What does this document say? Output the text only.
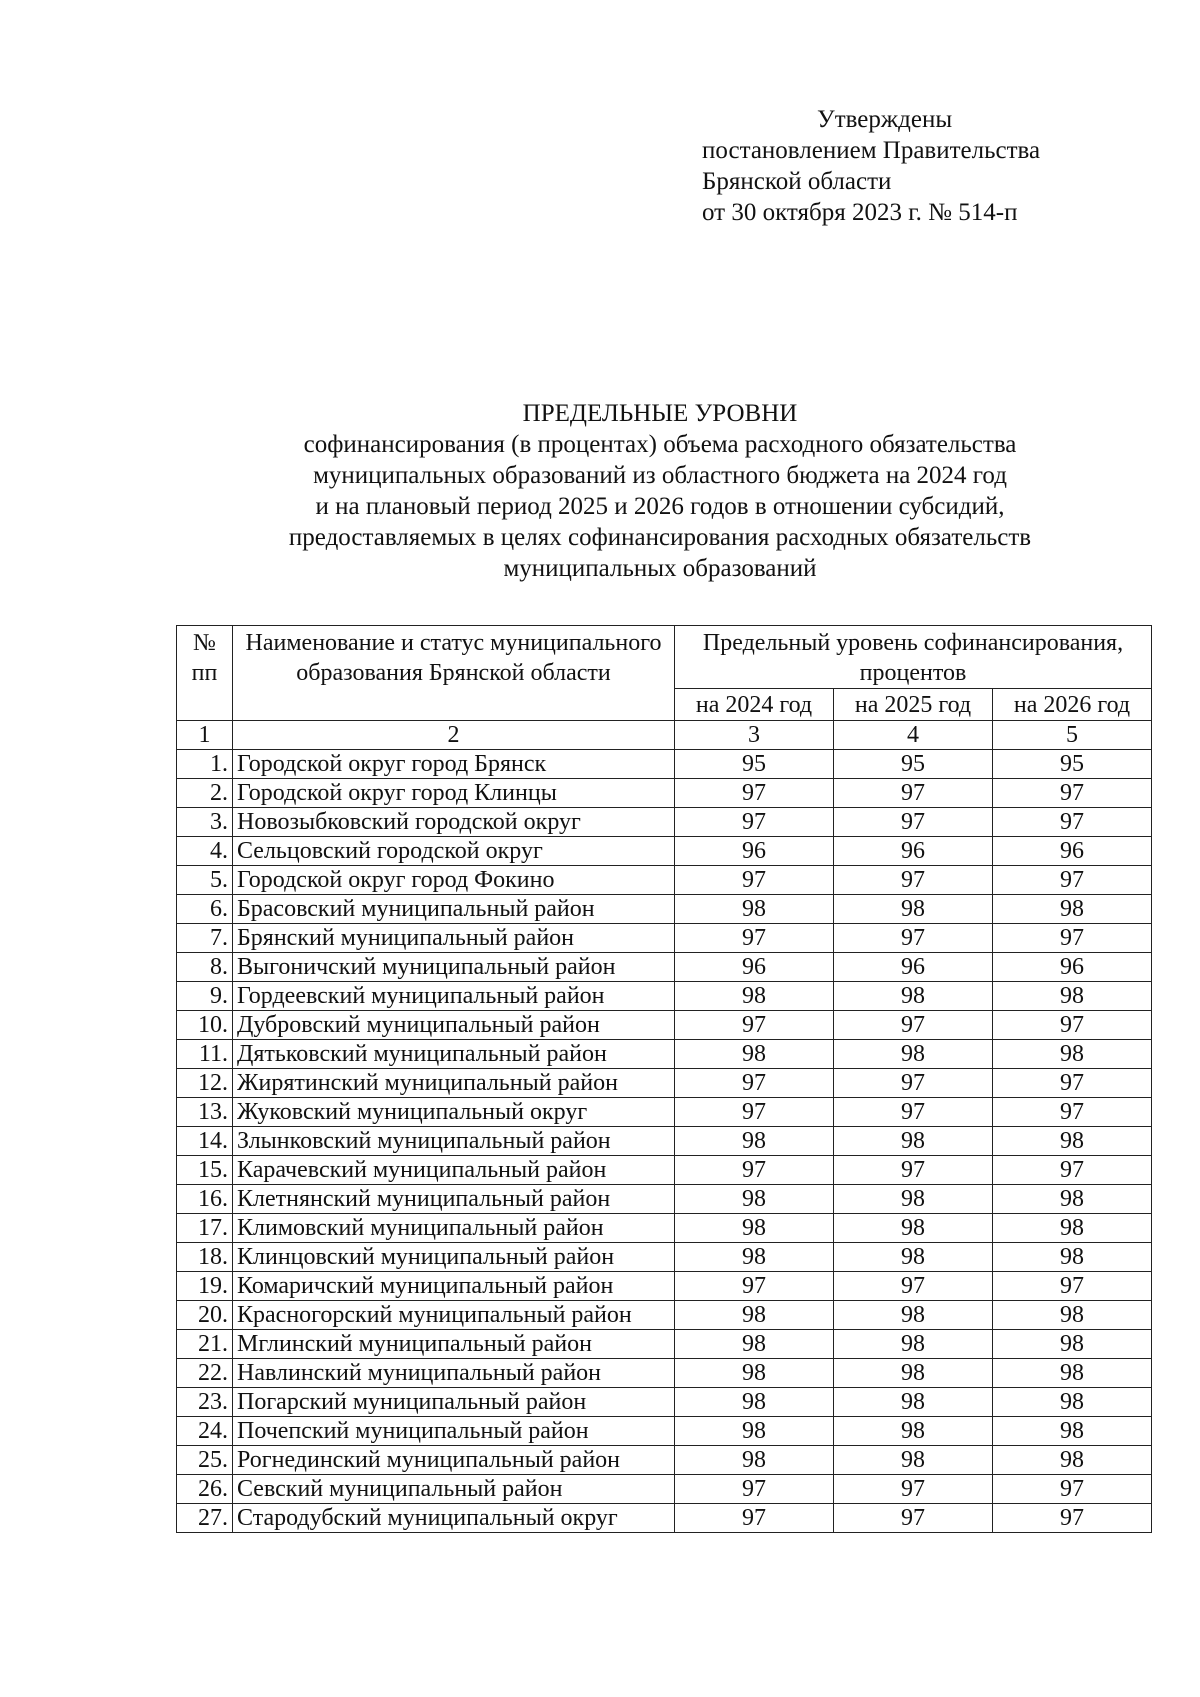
Утверждены
постановлением Правительства
Брянской области
от 30 октября 2023 г. № 514-п
ПРЕДЕЛЬНЫЕ УРОВНИ
софинансирования (в процентах) объема расходного обязательства
муниципальных образований из областного бюджета на 2024 год
и на плановый период 2025 и 2026 годов в отношении субсидий,
предоставляемых в целях софинансирования расходных обязательств
муниципальных образований
№ пп	Наименование и статус муниципального образования Брянской области	Предельный уровень софинансирования, процентов		
		на 2024 год	на 2025 год	на 2026 год
1	2	3	4	5
1.	Городской округ город Брянск	95	95	95
2.	Городской округ город Клинцы	97	97	97
3.	Новозыбковский городской округ	97	97	97
4.	Сельцовский городской округ	96	96	96
5.	Городской округ город Фокино	97	97	97
6.	Брасовский муниципальный район	98	98	98
7.	Брянский муниципальный район	97	97	97
8.	Выгоничский муниципальный район	96	96	96
9.	Гордеевский муниципальный район	98	98	98
10.	Дубровский муниципальный район	97	97	97
11.	Дятьковский муниципальный район	98	98	98
12.	Жирятинский муниципальный район	97	97	97
13.	Жуковский муниципальный округ	97	97	97
14.	Злынковский муниципальный район	98	98	98
15.	Карачевский муниципальный район	97	97	97
16.	Клетнянский муниципальный район	98	98	98
17.	Климовский муниципальный район	98	98	98
18.	Клинцовский муниципальный район	98	98	98
19.	Комаричский муниципальный район	97	97	97
20.	Красногорский муниципальный район	98	98	98
21.	Мглинский муниципальный район	98	98	98
22.	Навлинский муниципальный район	98	98	98
23.	Погарский муниципальный район	98	98	98
24.	Почепский муниципальный район	98	98	98
25.	Рогнединский муниципальный район	98	98	98
26.	Севский муниципальный район	97	97	97
27.	Стародубский муниципальный округ	97	97	97
